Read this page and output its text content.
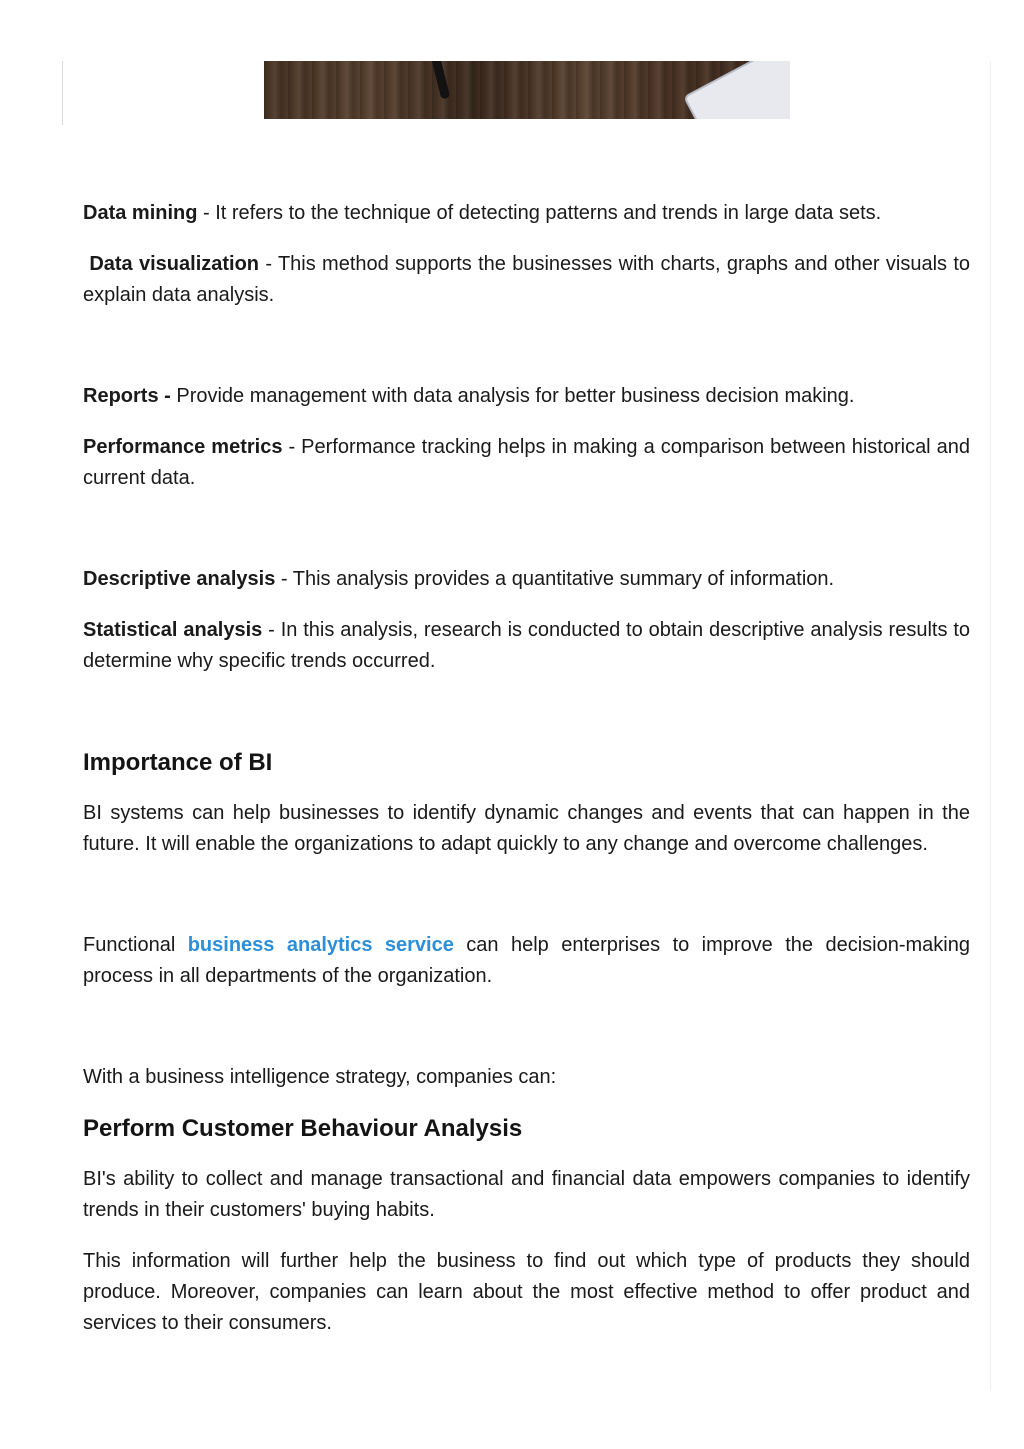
Data mining - It refers to the technique of detecting patterns and trends in large data sets.

Data visualization - This method supports the businesses with charts, graphs and other visuals to explain data analysis.

Reports - Provide management with data analysis for better business decision making.

Performance metrics - Performance tracking helps in making a comparison between historical and current data.

Descriptive analysis - This analysis provides a quantitative summary of information.

Statistical analysis - In this analysis, research is conducted to obtain descriptive analysis results to determine why specific trends occurred.

Importance of BI

BI systems can help businesses to identify dynamic changes and events that can happen in the future. It will enable the organizations to adapt quickly to any change and overcome challenges.

Functional business analytics service can help enterprises to improve the decision-making process in all departments of the organization.

With a business intelligence strategy, companies can:

Perform Customer Behaviour Analysis

BI's ability to collect and manage transactional and financial data empowers companies to identify trends in their customers' buying habits.

This information will further help the business to find out which type of products they should produce. Moreover, companies can learn about the most effective method to offer product and services to their consumers.
